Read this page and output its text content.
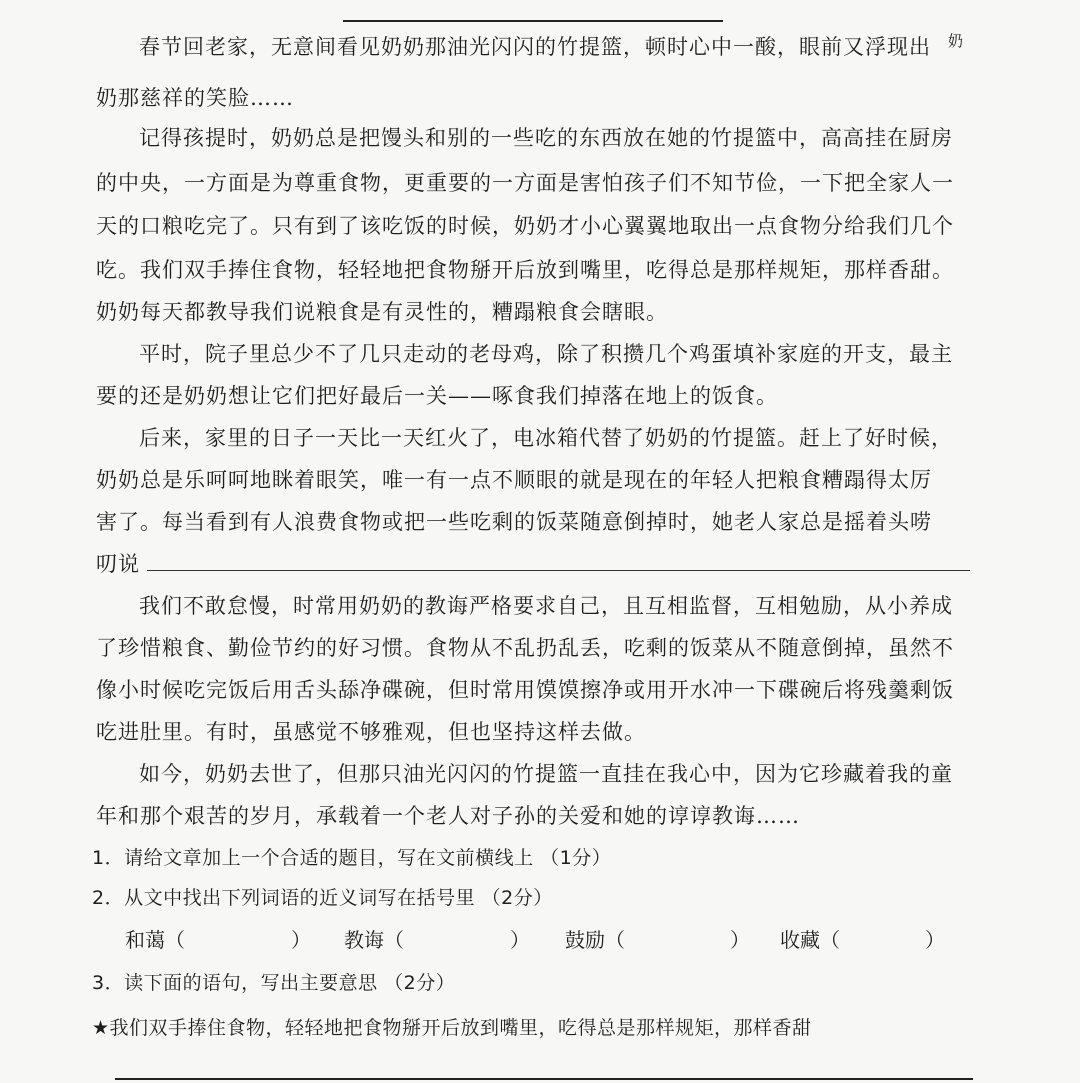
春节回老家，无意间看见奶奶那油光闪闪的竹提篮，顿时心中一酸，眼前又浮现出 奶
奶那慈祥的笑脸……
记得孩提时，奶奶总是把馒头和别的一些吃的东西放在她的竹提篮中，高高挂在厨房
的中央，一方面是为尊重食物，更重要的一方面是害怕孩子们不知节俭，一下把全家人一
天的口粮吃完了。只有到了该吃饭的时候，奶奶才小心翼翼地取出一点食物分给我们几个
吃。我们双手捧住食物，轻轻地把食物掰开后放到嘴里，吃得总是那样规矩，那样香甜。
奶奶每天都教导我们说粮食是有灵性的，糟蹋粮食会瞎眼。
平时，院子里总少不了几只走动的老母鸡，除了积攒几个鸡蛋填补家庭的开支，最主
要的还是奶奶想让它们把好最后一关——啄食我们掉落在地上的饭食。
后来，家里的日子一天比一天红火了，电冰箱代替了奶奶的竹提篮。赶上了好时候，
奶奶总是乐呵呵地眯着眼笑，唯一有一点不顺眼的就是现在的年轻人把粮食糟蹋得太厉
害了。每当看到有人浪费食物或把一些吃剩的饭菜随意倒掉时，她老人家总是摇着头唠
叨说
我们不敢怠慢，时常用奶奶的教诲严格要求自己，且互相监督，互相勉励，从小养成
了珍惜粮食、勤俭节约的好习惯。食物从不乱扔乱丢，吃剩的饭菜从不随意倒掉，虽然不
像小时候吃完饭后用舌头舔净碟碗，但时常用馍馍擦净或用开水冲一下碟碗后将残羹剩饭
吃进肚里。有时，虽感觉不够雅观，但也坚持这样去做。
如今，奶奶去世了，但那只油光闪闪的竹提篮一直挂在我心中，因为它珍藏着我的童
年和那个艰苦的岁月，承载着一个老人对子孙的关爱和她的谆谆教诲……
1．请给文章加上一个合适的题目，写在文前横线上 （1分）
2．从文中找出下列词语的近义词写在括号里 （2分）
和蔼（	） 教诲（	） 鼓励（	） 收藏（	）
3．读下面的语句，写出主要意思 （2分）
★我们双手捧住食物，轻轻地把食物掰开后放到嘴里，吃得总是那样规矩，那样香甜
